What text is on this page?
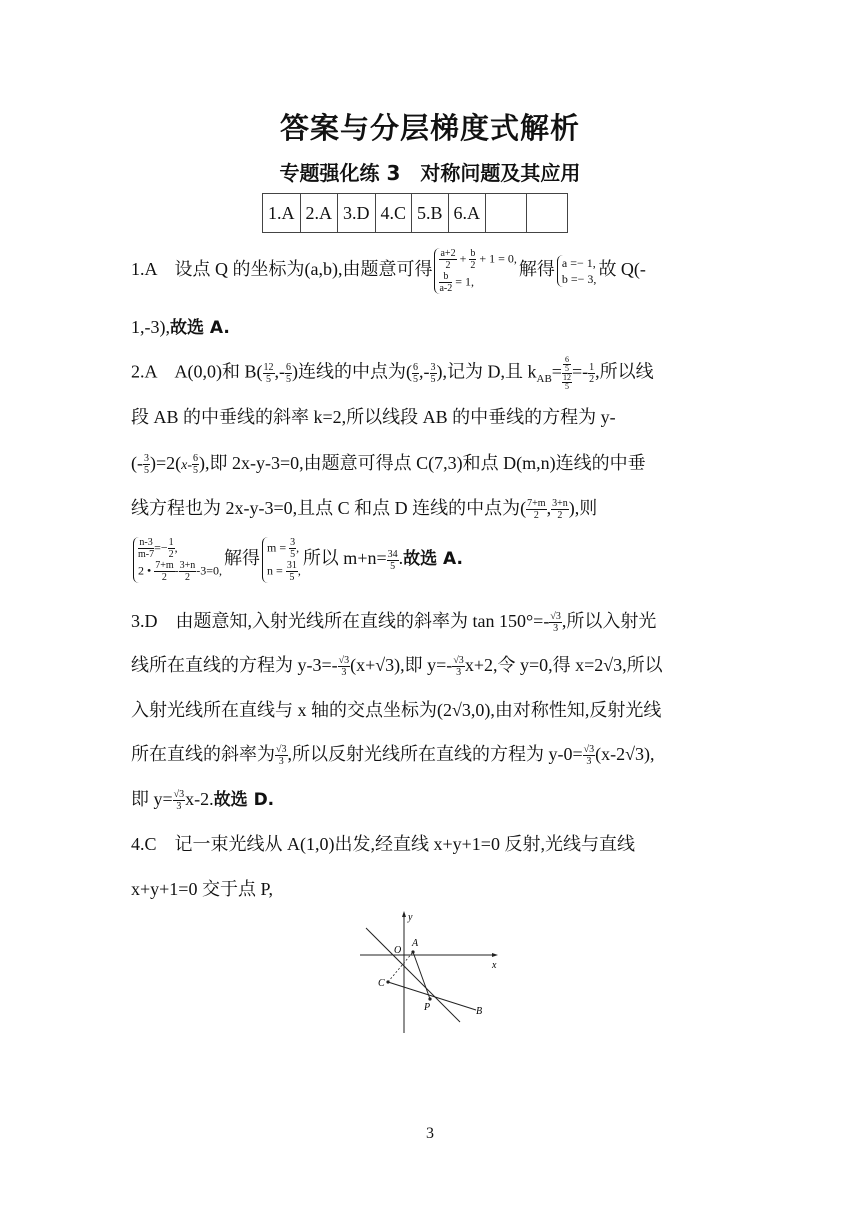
答案与分层梯度式解析
专题强化练 3　对称问题及其应用
1.A	2.A	3.D	4.C	5.B	6.A		
1.A　设点 Q 的坐标为(a,b),由题意可得 $\frac{a+2}{2} + \frac{b}{2} + 1 = 0$,

$\frac{b}{a-2} = 1$,解得 a =− 1,
b =− 3, 故 Q(-
1,-3),故选 A.
2.A　A(0,0)和 $B( \frac{12}{5}$ ,- $\frac{6}{5}$ )连线的中点为( $\frac{6}{5}$ ,- $\frac{3}{5}$ ),记为 D,且 $k_{AB}= 6$
5
12
$5 =- \frac{1}{2}$ ,所以线
段 AB 的中垂线的斜率 k=2,所以线段 AB 的中垂线的方程为 y-
(- $\frac{3}{5} )=2(x- \frac{6}{5}$ ),即 2x-y-3=0,由题意可得点 C(7,3)和点 D(m,n)连线的中垂
线方程也为 2x-y-3=0,且点 C 和点 D 连线的中点为( $\frac{7+m}{2}$ , $\frac{3+n}{2}$ ),则
$\frac{n-3}{m-7} =- \frac{1}{2}$ ,
2 • $\frac{7+m}{2} - \frac{3+n}{2} -3=0$,解得$m = \frac{3}{5}$ ,
$n = \frac{31}{5}$ ,所以 $m+n= \frac{34}{5}$ .故选 A.
3.D　由题意知,入射光线所在直线的斜率为 $\tan 150^\circ=- \frac{√3}{3}$ ,所以入射光
线所在直线的方程为 $y-3=- \frac{√3}{3} (x+√3)$,即 $y=- \frac{√3}{3} x+2$,令 y=0,得 x=2√3,所以
入射光线所在直线与 x 轴的交点坐标为(2√3,0),由对称性知,反射光线
所在直线的斜率为 $\frac{√3}{3}$ ,所以反射光线所在直线的方程为 $y-0= \frac{√3}{3} (x-2√3)$,
即 $y= \frac{√3}{3} x-2$.故选 D.
4.C　记一束光线从 A(1,0)出发,经直线 x+y+1=0 反射,光线与直线
x+y+1=0 交于点 P,
y
x
O
A
C
P	B
3
